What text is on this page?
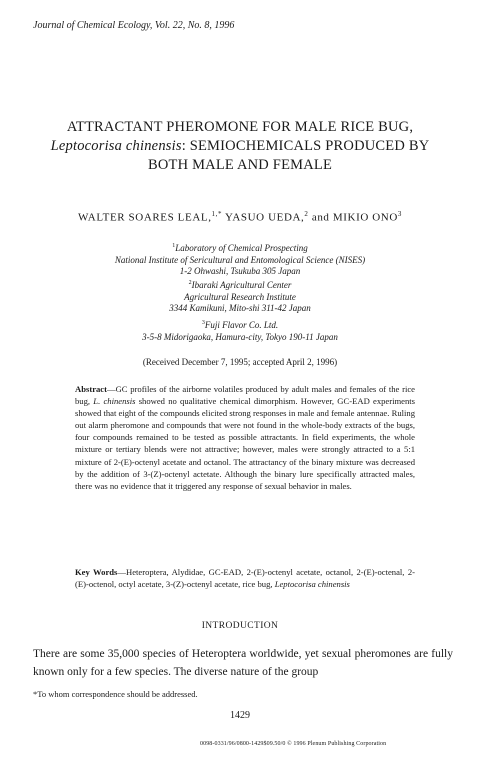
Journal of Chemical Ecology, Vol. 22, No. 8, 1996
ATTRACTANT PHEROMONE FOR MALE RICE BUG,
Leptocorisa chinensis: SEMIOCHEMICALS PRODUCED BY
BOTH MALE AND FEMALE
WALTER SOARES LEAL,$^{1,*}$ YASUO UEDA,$^2$ and MIKIO ONO$^3$
$^1$Laboratory of Chemical Prospecting
National Institute of Sericultural and Entomological Science (NISES)
1-2 Ohwashi, Tsukuba 305 Japan
$^2$Ibaraki Agricultural Center
Agricultural Research Institute
3344 Kamikuni, Mito-shi 311-42 Japan
$^3$Fuji Flavor Co. Ltd.
3-5-8 Midorigaoka, Hamura-city, Tokyo 190-11 Japan
(Received December 7, 1995; accepted April 2, 1996)
Abstract—GC profiles of the airborne volatiles produced by adult males and females of the rice bug, L. chinensis showed no qualitative chemical dimorphism. However, GC-EAD experiments showed that eight of the compounds elicited strong responses in male and female antennae. Ruling out alarm pheromone and compounds that were not found in the whole-body extracts of the bugs, four compounds remained to be tested as possible attractants. In field experiments, the whole mixture or tertiary blends were not attractive; however, males were strongly attracted to a 5:1 mixture of 2-(E)-octenyl acetate and octanol. The attractancy of the binary mixture was decreased by the addition of 3-(Z)-octenyl actetate. Although the binary lure specifically attracted males, there was no evidence that it triggered any response of sexual behavior in males.
Key Words—Heteroptera, Alydidae, GC-EAD, 2-(E)-octenyl acetate, octanol, 2-(E)-octenal, 2-(E)-octenol, octyl acetate, 3-(Z)-octenyl acetate, rice bug, Leptocorisa chinensis
INTRODUCTION
There are some 35,000 species of Heteroptera worldwide, yet sexual pheromones are fully known only for a few species. The diverse nature of the group
*To whom correspondence should be addressed.
1429
0098-0331/96/0800-1429$09.50/0 © 1996 Plenum Publishing Corporation
